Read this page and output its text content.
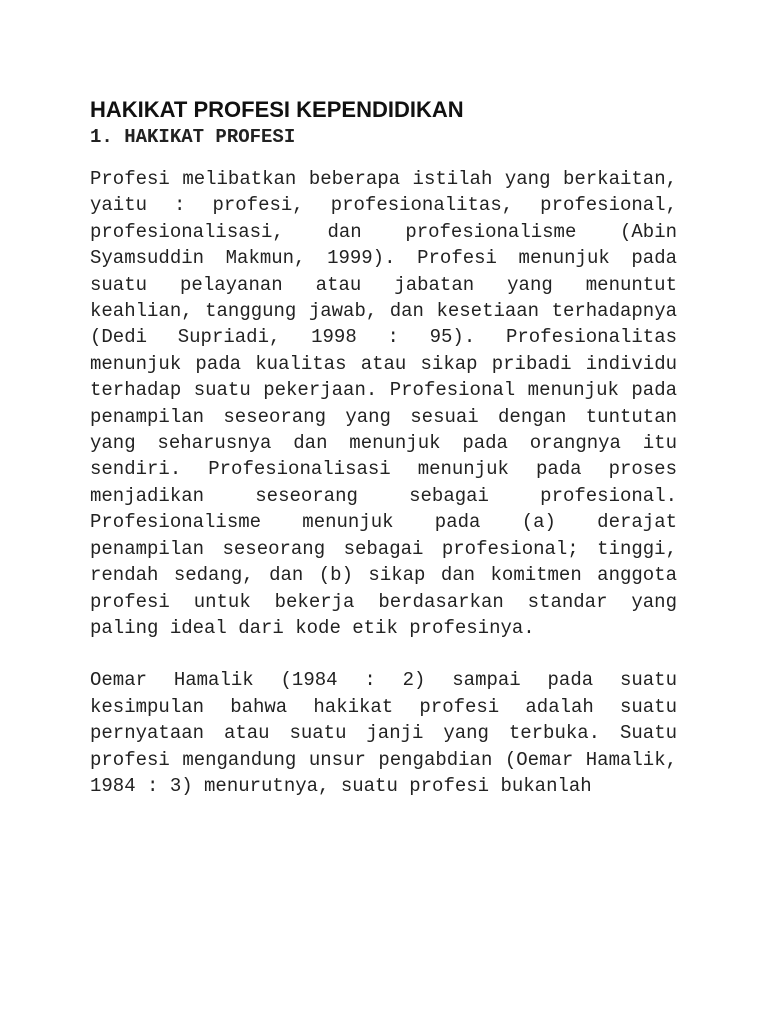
HAKIKAT PROFESI KEPENDIDIKAN
1. HAKIKAT PROFESI

Profesi melibatkan beberapa istilah yang berkaitan, yaitu : profesi, profesionalitas, profesional, profesionalisasi, dan profesionalisme (Abin Syamsuddin Makmun, 1999). Profesi menunjuk pada suatu pelayanan atau jabatan yang menuntut keahlian, tanggung jawab, dan kesetiaan terhadapnya (Dedi Supriadi, 1998 : 95). Profesionalitas menunjuk pada kualitas atau sikap pribadi individu terhadap suatu pekerjaan. Profesional menunjuk pada penampilan seseorang yang sesuai dengan tuntutan yang seharusnya dan menunjuk pada orangnya itu sendiri. Profesionalisasi menunjuk pada proses menjadikan seseorang sebagai profesional. Profesionalisme menunjuk pada (a) derajat penampilan seseorang sebagai profesional; tinggi, rendah sedang, dan (b) sikap dan komitmen anggota profesi untuk bekerja berdasarkan standar yang paling ideal dari kode etik profesinya.

Oemar Hamalik (1984 : 2) sampai pada suatu kesimpulan bahwa hakikat profesi adalah suatu pernyataan atau suatu janji yang terbuka. Suatu profesi mengandung unsur pengabdian (Oemar Hamalik, 1984 : 3) menurutnya, suatu profesi bukanlah
